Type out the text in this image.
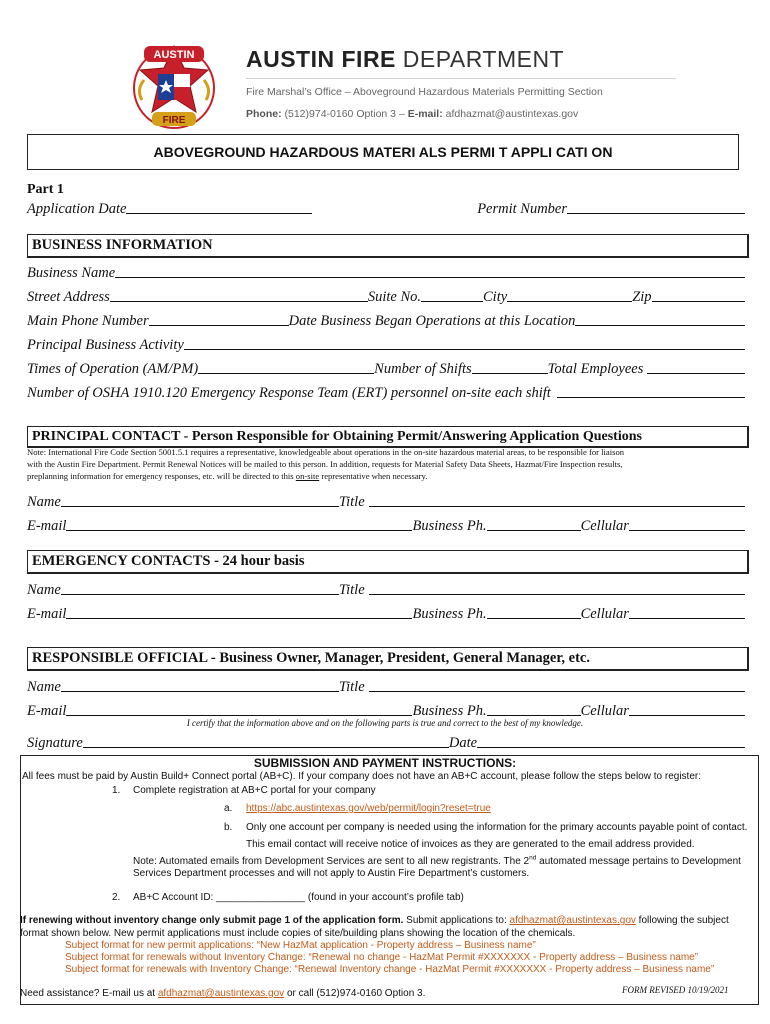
AUSTIN
FIRE
AUSTIN FIRE DEPARTMENT
Fire Marshal’s Office – Aboveground Hazardous Materials Permitting Section
Phone: (512)974-0160 Option 3 – E-mail: afdhazmat@austintexas.gov
ABOVEGROUND HAZARDOUS MATERI ALS PERMI T APPLI CATI ON
Part 1
Application Date	Permit Number
BUSINESS INFORMATION
Business Name
Street Address	Suite No.	City	Zip
Main Phone Number	Date Business Began Operations at this Location
Principal Business Activity
Times of Operation (AM/PM)	Number of Shifts	Total Employees
Number of OSHA 1910.120 Emergency Response Team (ERT) personnel on-site each shift
PRINCIPAL CONTACT - Person Responsible for Obtaining Permit/Answering Application Questions
Note: International Fire Code Section 5001.5.1 requires a representative, knowledgeable about operations in the on-site hazardous material areas, to be responsible for liaison
with the Austin Fire Department. Permit Renewal Notices will be mailed to this person. In addition, requests for Material Safety Data Sheets, Hazmat/Fire Inspection results,
preplanning information for emergency responses, etc. will be directed to this on-site representative when necessary.
Name	Title
E-mail	Business Ph.	Cellular
EMERGENCY CONTACTS - 24 hour basis
Name	Title
E-mail	Business Ph.	Cellular
RESPONSIBLE OFFICIAL - Business Owner, Manager, President, General Manager, etc.
Name	Title
E-mail	Business Ph.	Cellular
I certify that the information above and on the following parts is true and correct to the best of my knowledge.
Signature	Date
SUBMISSION AND PAYMENT INSTRUCTIONS:
All fees must be paid by Austin Build+ Connect portal (AB+C). If your company does not have an AB+C account, please follow the steps below to register:
1. Complete registration at AB+C portal for your company
a. https://abc.austintexas.gov/web/permit/login?reset=true
b. Only one account per company is needed using the information for the primary accounts payable point of contact.
This email contact will receive notice of invoices as they are generated to the email address provided.
Note: Automated emails from Development Services are sent to all new registrants. The 2nd automated message pertains to Development
Services Department processes and will not apply to Austin Fire Department’s customers.
2. AB+C Account ID: ________________ (found in your account’s profile tab)
If renewing without inventory change only submit page 1 of the application form. Submit applications to: afdhazmat@austintexas.gov following the subject
format shown below. New permit applications must include copies of site/building plans showing the location of the chemicals.
Subject format for new permit applications: “New HazMat application - Property address – Business name”
Subject format for renewals without Inventory Change: “Renewal no change - HazMat Permit #XXXXXXX - Property address – Business name”
Subject format for renewals with Inventory Change: “Renewal Inventory change - HazMat Permit #XXXXXXX - Property address – Business name”
Need assistance? E-mail us at afdhazmat@austintexas.gov or call (512)974-0160 Option 3.	FORM REVISED 10/19/2021
